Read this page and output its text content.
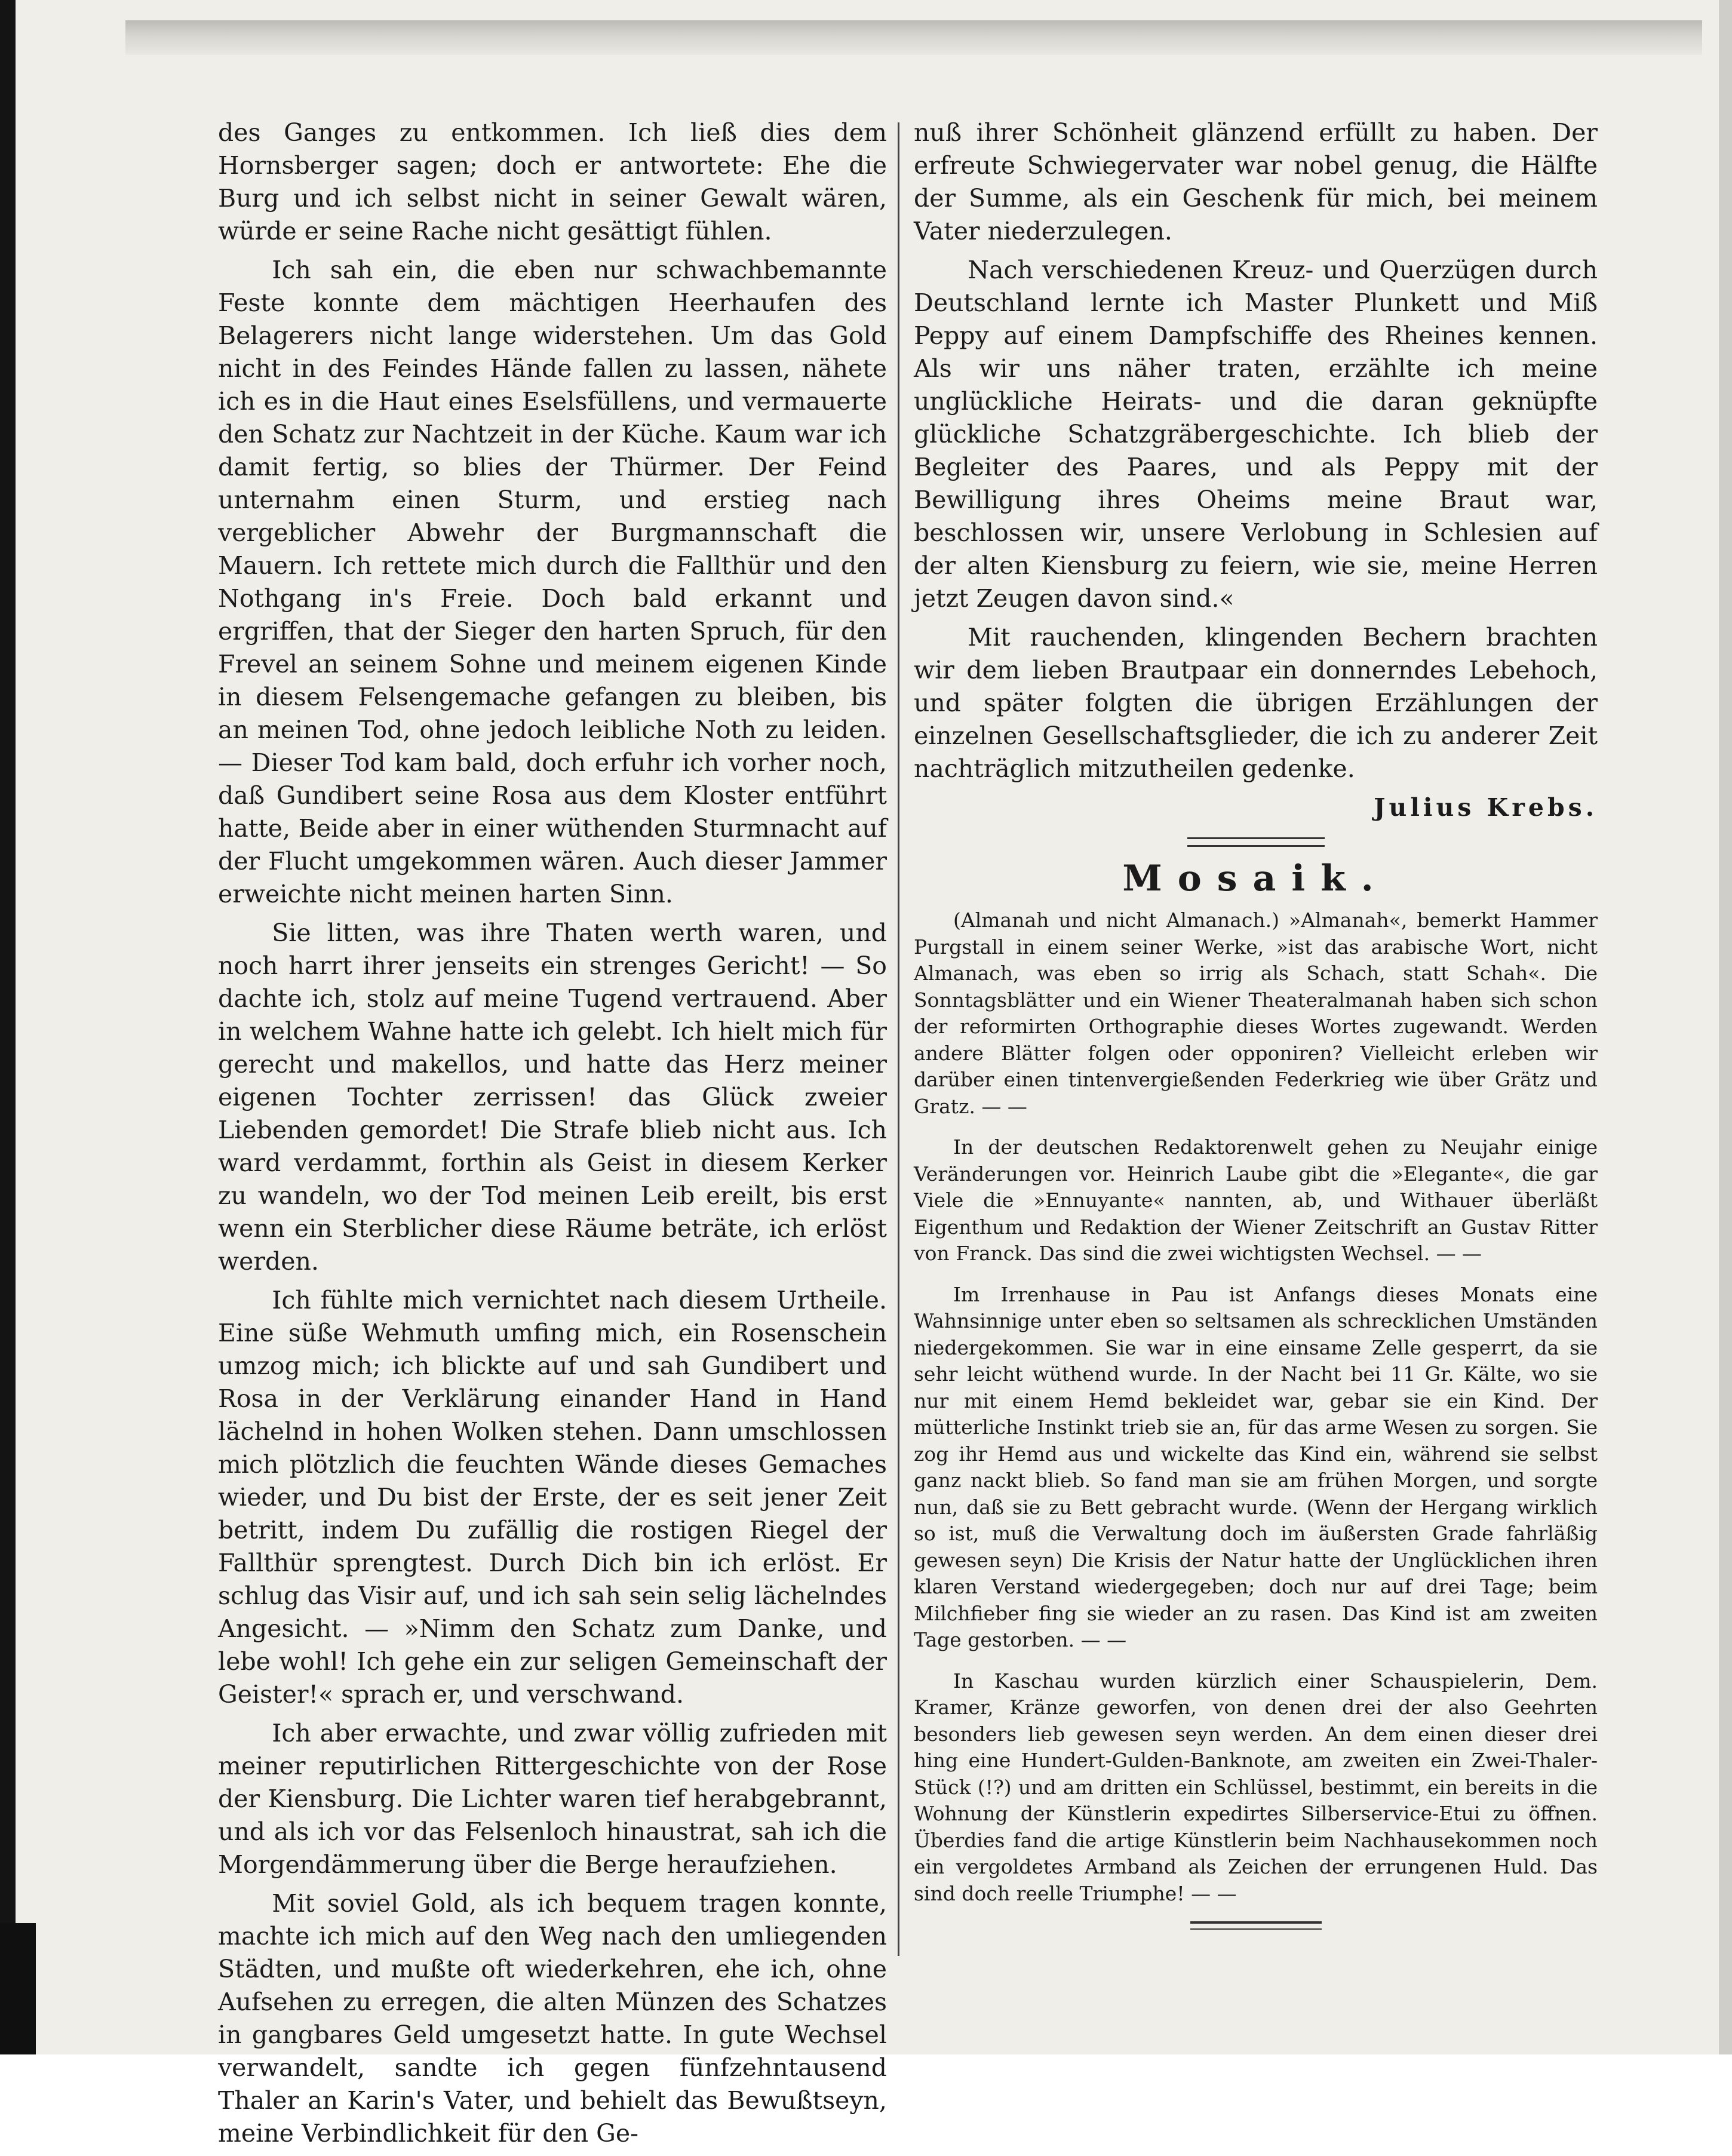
des Ganges zu entkommen. Ich ließ dies dem Hornsberger sagen; doch er antwortete: Ehe die Burg und ich selbst nicht in seiner Gewalt wären, würde er seine Rache nicht gesättigt fühlen.

Ich sah ein, die eben nur schwachbemannte Feste konnte dem mächtigen Heerhaufen des Belagerers nicht lange widerstehen. Um das Gold nicht in des Feindes Hände fallen zu lassen, nähete ich es in die Haut eines Eselsfüllens, und vermauerte den Schatz zur Nachtzeit in der Küche. Kaum war ich damit fertig, so blies der Thürmer. Der Feind unternahm einen Sturm, und erstieg nach vergeblicher Abwehr der Burgmannschaft die Mauern. Ich rettete mich durch die Fallthür und den Nothgang in's Freie. Doch bald erkannt und ergriffen, that der Sieger den harten Spruch, für den Frevel an seinem Sohne und meinem eigenen Kinde in diesem Felsengemache gefangen zu bleiben, bis an meinen Tod, ohne jedoch leibliche Noth zu leiden. — Dieser Tod kam bald, doch erfuhr ich vorher noch, daß Gundibert seine Rosa aus dem Kloster entführt hatte, Beide aber in einer wüthenden Sturmnacht auf der Flucht umgekommen wären. Auch dieser Jammer erweichte nicht meinen harten Sinn.

Sie litten, was ihre Thaten werth waren, und noch harrt ihrer jenseits ein strenges Gericht! — So dachte ich, stolz auf meine Tugend vertrauend. Aber in welchem Wahne hatte ich gelebt. Ich hielt mich für gerecht und makellos, und hatte das Herz meiner eigenen Tochter zerrissen! das Glück zweier Liebenden gemordet! Die Strafe blieb nicht aus. Ich ward verdammt, forthin als Geist in diesem Kerker zu wandeln, wo der Tod meinen Leib ereilt, bis erst wenn ein Sterblicher diese Räume beträte, ich erlöst werden.

Ich fühlte mich vernichtet nach diesem Urtheile. Eine süße Wehmuth umfing mich, ein Rosenschein umzog mich; ich blickte auf und sah Gundibert und Rosa in der Verklärung einander Hand in Hand lächelnd in hohen Wolken stehen. Dann umschlossen mich plötzlich die feuchten Wände dieses Gemaches wieder, und Du bist der Erste, der es seit jener Zeit betritt, indem Du zufällig die rostigen Riegel der Fallthür sprengtest. Durch Dich bin ich erlöst. Er schlug das Visir auf, und ich sah sein selig lächelndes Angesicht. — »Nimm den Schatz zum Danke, und lebe wohl! Ich gehe ein zur seligen Gemeinschaft der Geister!« sprach er, und verschwand.

Ich aber erwachte, und zwar völlig zufrieden mit meiner reputirlichen Rittergeschichte von der Rose der Kiensburg. Die Lichter waren tief herabgebrannt, und als ich vor das Felsenloch hinaustrat, sah ich die Morgendämmerung über die Berge heraufziehen.

Mit soviel Gold, als ich bequem tragen konnte, machte ich mich auf den Weg nach den umliegenden Städten, und mußte oft wiederkehren, ehe ich, ohne Aufsehen zu erregen, die alten Münzen des Schatzes in gangbares Geld umgesetzt hatte. In gute Wechsel verwandelt, sandte ich gegen fünfzehntausend Thaler an Karin's Vater, und behielt das Bewußtseyn, meine Verbindlichkeit für den Ge-

nuß ihrer Schönheit glänzend erfüllt zu haben. Der erfreute Schwiegervater war nobel genug, die Hälfte der Summe, als ein Geschenk für mich, bei meinem Vater niederzulegen.

Nach verschiedenen Kreuz- und Querzügen durch Deutschland lernte ich Master Plunkett und Miß Peppy auf einem Dampfschiffe des Rheines kennen. Als wir uns näher traten, erzählte ich meine unglückliche Heirats- und die daran geknüpfte glückliche Schatzgräbergeschichte. Ich blieb der Begleiter des Paares, und als Peppy mit der Bewilligung ihres Oheims meine Braut war, beschlossen wir, unsere Verlobung in Schlesien auf der alten Kiensburg zu feiern, wie sie, meine Herren jetzt Zeugen davon sind.«

Mit rauchenden, klingenden Bechern brachten wir dem lieben Brautpaar ein donnerndes Lebehoch, und später folgten die übrigen Erzählungen der einzelnen Gesellschaftsglieder, die ich zu anderer Zeit nachträglich mitzutheilen gedenke.

Julius Krebs.
Mosaik.

(Almanah und nicht Almanach.) »Almanah«, bemerkt Hammer Purgstall in einem seiner Werke, »ist das arabische Wort, nicht Almanach, was eben so irrig als Schach, statt Schah«. Die Sonntagsblätter und ein Wiener Theateralmanah haben sich schon der reformirten Orthographie dieses Wortes zugewandt. Werden andere Blätter folgen oder opponiren? Vielleicht erleben wir darüber einen tintenvergießenden Federkrieg wie über Grätz und Gratz. — —

In der deutschen Redaktorenwelt gehen zu Neujahr einige Veränderungen vor. Heinrich Laube gibt die »Elegante«, die gar Viele die »Ennuyante« nannten, ab, und Withauer überläßt Eigenthum und Redaktion der Wiener Zeitschrift an Gustav Ritter von Franck. Das sind die zwei wichtigsten Wechsel. — —

Im Irrenhause in Pau ist Anfangs dieses Monats eine Wahnsinnige unter eben so seltsamen als schrecklichen Umständen niedergekommen. Sie war in eine einsame Zelle gesperrt, da sie sehr leicht wüthend wurde. In der Nacht bei 11 Gr. Kälte, wo sie nur mit einem Hemd bekleidet war, gebar sie ein Kind. Der mütterliche Instinkt trieb sie an, für das arme Wesen zu sorgen. Sie zog ihr Hemd aus und wickelte das Kind ein, während sie selbst ganz nackt blieb. So fand man sie am frühen Morgen, und sorgte nun, daß sie zu Bett gebracht wurde. (Wenn der Hergang wirklich so ist, muß die Verwaltung doch im äußersten Grade fahrläßig gewesen seyn) Die Krisis der Natur hatte der Unglücklichen ihren klaren Verstand wiedergegeben; doch nur auf drei Tage; beim Milchfieber fing sie wieder an zu rasen. Das Kind ist am zweiten Tage gestorben. — —

In Kaschau wurden kürzlich einer Schauspielerin, Dem. Kramer, Kränze geworfen, von denen drei der also Geehrten besonders lieb gewesen seyn werden. An dem einen dieser drei hing eine Hundert-Gulden-Banknote, am zweiten ein Zwei-Thaler-Stück (!?) und am dritten ein Schlüssel, bestimmt, ein bereits in die Wohnung der Künstlerin expedirtes Silberservice-Etui zu öffnen. Überdies fand die artige Künstlerin beim Nachhausekommen noch ein vergoldetes Armband als Zeichen der errungenen Huld. Das sind doch reelle Triumphe! — —
